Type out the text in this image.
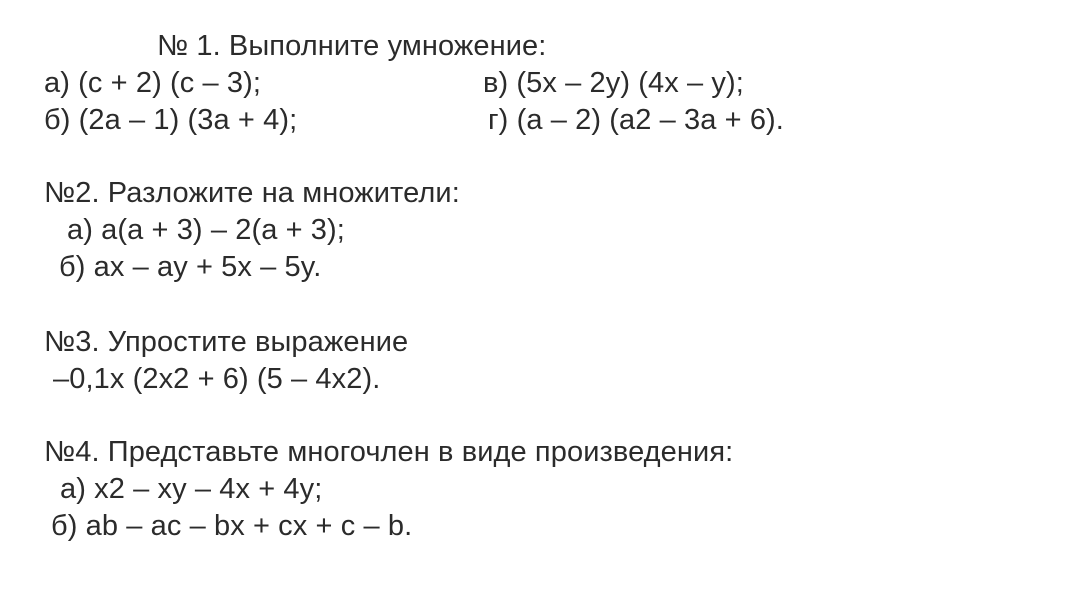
№ 1. Выполните умножение:
а) (с + 2) (с – 3);	в) (5х – 2у) (4х – у);
б) (2а – 1) (3а + 4);	г) (а – 2) (а2 – 3а + 6).
№2. Разложите на множители:
а) a(a + 3) – 2(a + 3);
б) ax – ay + 5x – 5y.
№3. Упростите выражение
–0,1x (2x2 + 6) (5 – 4x2).
№4. Представьте многочлен в виде произведения:
а) x2 – xy – 4x + 4y;
б) ab – ac – bx + cx + c – b.
